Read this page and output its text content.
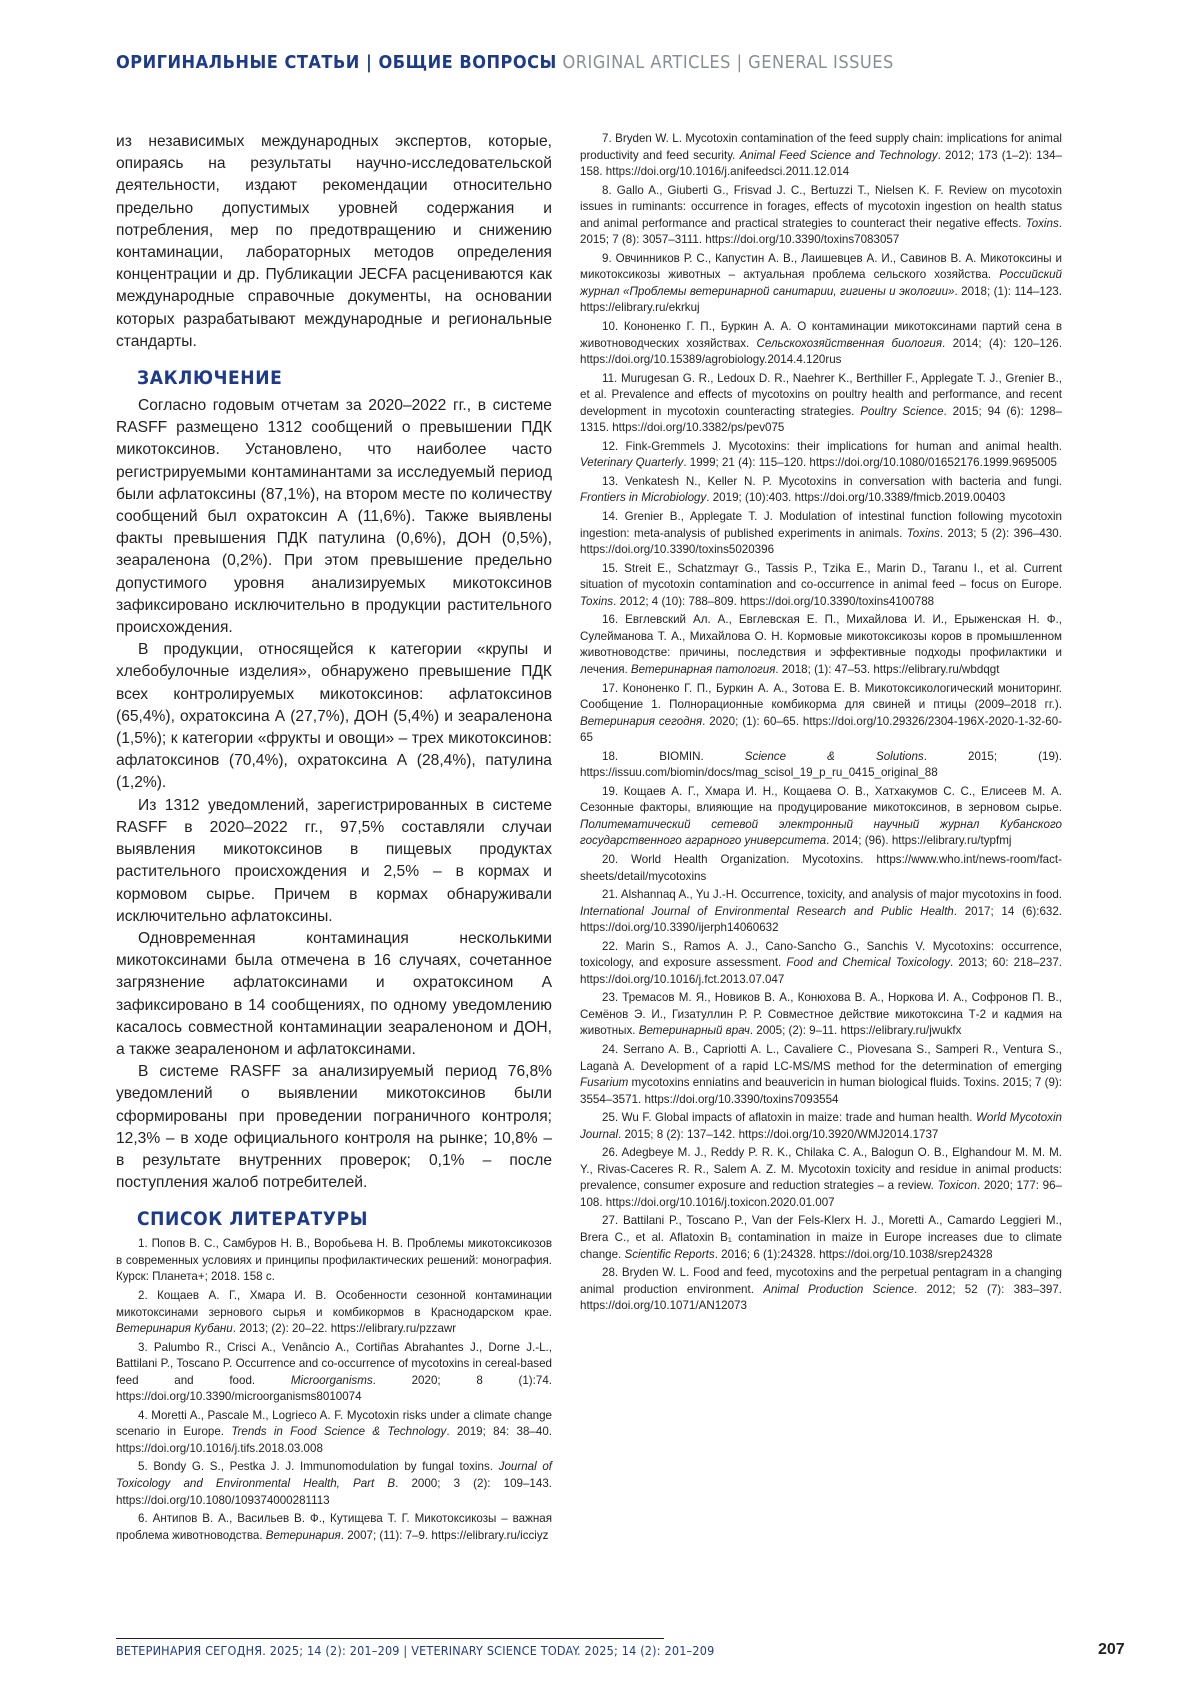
ОРИГИНАЛЬНЫЕ СТАТЬИ | ОБЩИЕ ВОПРОСЫ ORIGINAL ARTICLES | GENERAL ISSUES

из независимых международных экспертов, которые, опираясь на результаты научно-исследовательской деятельности, издают рекомендации относительно предельно допустимых уровней содержания и потребления, мер по предотвращению и снижению контаминации, лабораторных методов определения концентрации и др. Публикации JECFA расцениваются как международные справочные документы, на основании которых разрабатывают международные и региональные стандарты.

ЗАКЛЮЧЕНИЕ

Согласно годовым отчетам за 2020–2022 гг., в системе RASFF размещено 1312 сообщений о превышении ПДК микотоксинов. Установлено, что наиболее часто регистрируемыми контаминантами за исследуемый период были афлатоксины (87,1%), на втором месте по количеству сообщений был охратоксин А (11,6%). Также выявлены факты превышения ПДК патулина (0,6%), ДОН (0,5%), зеараленона (0,2%). При этом превышение предельно допустимого уровня анализируемых микотоксинов зафиксировано исключительно в продукции растительного происхождения.

В продукции, относящейся к категории «крупы и хлебобулочные изделия», обнаружено превышение ПДК всех контролируемых микотоксинов: афлатоксинов (65,4%), охратоксина А (27,7%), ДОН (5,4%) и зеараленона (1,5%); к категории «фрукты и овощи» – трех микотоксинов: афлатоксинов (70,4%), охратоксина А (28,4%), патулина (1,2%).

Из 1312 уведомлений, зарегистрированных в системе RASFF в 2020–2022 гг., 97,5% составляли случаи выявления микотоксинов в пищевых продуктах растительного происхождения и 2,5% – в кормах и кормовом сырье. Причем в кормах обнаруживали исключительно афлатоксины.

Одновременная контаминация несколькими микотоксинами была отмечена в 16 случаях, сочетанное загрязнение афлатоксинами и охратоксином А зафиксировано в 14 сообщениях, по одному уведомлению касалось совместной контаминации зеараленоном и ДОН, а также зеараленоном и афлатоксинами.

В системе RASFF за анализируемый период 76,8% уведомлений о выявлении микотоксинов были сформированы при проведении пограничного контроля; 12,3% – в ходе официального контроля на рынке; 10,8% – в результате внутренних проверок; 0,1% – после поступления жалоб потребителей.

СПИСОК ЛИТЕРАТУРЫ

1. Попов В. С., Самбуров Н. В., Воробьева Н. В. Проблемы микотоксикозов в современных условиях и принципы профилактических решений: монография. Курск: Планета+; 2018. 158 с.

2. Кощаев А. Г., Хмара И. В. Особенности сезонной контаминации микотоксинами зернового сырья и комбикормов в Краснодарском крае. Ветеринария Кубани. 2013; (2): 20–22. https://elibrary.ru/pzzawr

3. Palumbo R., Crisci A., Venâncio A., Cortiñas Abrahantes J., Dorne J.-L., Battilani P., Toscano P. Occurrence and co-occurrence of mycotoxins in cereal-based feed and food. Microorganisms. 2020; 8 (1):74. https://doi.org/10.3390/microorganisms8010074

4. Moretti A., Pascale M., Logrieco A. F. Mycotoxin risks under a climate change scenario in Europe. Trends in Food Science & Technology. 2019; 84: 38–40. https://doi.org/10.1016/j.tifs.2018.03.008

5. Bondy G. S., Pestka J. J. Immunomodulation by fungal toxins. Journal of Toxicology and Environmental Health, Part B. 2000; 3 (2): 109–143. https://doi.org/10.1080/109374000281113

6. Антипов В. А., Васильев В. Ф., Кутищева Т. Г. Микотоксикозы – важная проблема животноводства. Ветеринария. 2007; (11): 7–9. https://elibrary.ru/icciyz

7. Bryden W. L. Mycotoxin contamination of the feed supply chain: implications for animal productivity and feed security. Animal Feed Science and Technology. 2012; 173 (1–2): 134–158. https://doi.org/10.1016/j.anifeedsci.2011.12.014

8. Gallo A., Giuberti G., Frisvad J. C., Bertuzzi T., Nielsen K. F. Review on mycotoxin issues in ruminants: occurrence in forages, effects of mycotoxin ingestion on health status and animal performance and practical strategies to counteract their negative effects. Toxins. 2015; 7 (8): 3057–3111. https://doi.org/10.3390/toxins7083057

9. Овчинников Р. С., Капустин А. В., Лаишевцев А. И., Савинов В. А. Микотоксины и микотоксикозы животных – актуальная проблема сельского хозяйства. Российский журнал «Проблемы ветеринарной санитарии, гигиены и экологии». 2018; (1): 114–123. https://elibrary.ru/ekrkuj

10. Кононенко Г. П., Буркин А. А. О контаминации микотоксинами партий сена в животноводческих хозяйствах. Сельскохозяйственная биология. 2014; (4): 120–126. https://doi.org/10.15389/agrobiology.2014.4.120rus

11. Murugesan G. R., Ledoux D. R., Naehrer K., Berthiller F., Applegate T. J., Grenier B., et al. Prevalence and effects of mycotoxins on poultry health and performance, and recent development in mycotoxin counteracting strategies. Poultry Science. 2015; 94 (6): 1298–1315. https://doi.org/10.3382/ps/pev075

12. Fink-Gremmels J. Mycotoxins: their implications for human and animal health. Veterinary Quarterly. 1999; 21 (4): 115–120. https://doi.org/10.1080/01652176.1999.9695005

13. Venkatesh N., Keller N. P. Mycotoxins in conversation with bacteria and fungi. Frontiers in Microbiology. 2019; (10):403. https://doi.org/10.3389/fmicb.2019.00403

14. Grenier B., Applegate T. J. Modulation of intestinal function following mycotoxin ingestion: meta-analysis of published experiments in animals. Toxins. 2013; 5 (2): 396–430. https://doi.org/10.3390/toxins5020396

15. Streit E., Schatzmayr G., Tassis P., Tzika E., Marin D., Taranu I., et al. Current situation of mycotoxin contamination and co-occurrence in animal feed – focus on Europe. Toxins. 2012; 4 (10): 788–809. https://doi.org/10.3390/toxins4100788

16. Евглевский Ал. А., Евглевская Е. П., Михайлова И. И., Ерыженская Н. Ф., Сулейманова Т. А., Михайлова О. Н. Кормовые микотоксикозы коров в промышленном животноводстве: причины, последствия и эффективные подходы профилактики и лечения. Ветеринарная патология. 2018; (1): 47–53. https://elibrary.ru/wbdqgt

17. Кононенко Г. П., Буркин А. А., Зотова Е. В. Микотоксикологический мониторинг. Сообщение 1. Полнорационные комбикорма для свиней и птицы (2009–2018 гг.). Ветеринария сегодня. 2020; (1): 60–65. https://doi.org/10.29326/2304-196X-2020-1-32-60-65

18. BIOMIN. Science & Solutions. 2015; (19). https://issuu.com/biomin/docs/mag_scisol_19_p_ru_0415_original_88

19. Кощаев А. Г., Хмара И. Н., Кощаева О. В., Хатхакумов С. С., Елисеев М. А. Сезонные факторы, влияющие на продуцирование микотоксинов, в зерновом сырье. Политематический сетевой электронный научный журнал Кубанского государственного аграрного университета. 2014; (96). https://elibrary.ru/typfmj

20. World Health Organization. Mycotoxins. https://www.who.int/news-room/fact-sheets/detail/mycotoxins

21. Alshannaq A., Yu J.-H. Occurrence, toxicity, and analysis of major mycotoxins in food. International Journal of Environmental Research and Public Health. 2017; 14 (6):632. https://doi.org/10.3390/ijerph14060632

22. Marin S., Ramos A. J., Cano-Sancho G., Sanchis V. Mycotoxins: occurrence, toxicology, and exposure assessment. Food and Chemical Toxicology. 2013; 60: 218–237. https://doi.org/10.1016/j.fct.2013.07.047

23. Тремасов М. Я., Новиков В. А., Конюхова В. А., Норкова И. А., Софронов П. В., Семёнов Э. И., Гизатуллин Р. Р. Совместное действие микотоксина Т-2 и кадмия на животных. Ветеринарный врач. 2005; (2): 9–11. https://elibrary.ru/jwukfx

24. Serrano A. B., Capriotti A. L., Cavaliere C., Piovesana S., Samperi R., Ventura S., Laganà A. Development of a rapid LC-MS/MS method for the determination of emerging Fusarium mycotoxins enniatins and beauvericin in human biological fluids. Toxins. 2015; 7 (9): 3554–3571. https://doi.org/10.3390/toxins7093554

25. Wu F. Global impacts of aflatoxin in maize: trade and human health. World Mycotoxin Journal. 2015; 8 (2): 137–142. https://doi.org/10.3920/WMJ2014.1737

26. Adegbeye M. J., Reddy P. R. K., Chilaka C. A., Balogun O. B., Elghandour M. M. M. Y., Rivas-Caceres R. R., Salem A. Z. M. Mycotoxin toxicity and residue in animal products: prevalence, consumer exposure and reduction strategies – a review. Toxicon. 2020; 177: 96–108. https://doi.org/10.1016/j.toxicon.2020.01.007

27. Battilani P., Toscano P., Van der Fels-Klerx H. J., Moretti A., Camardo Leggieri M., Brera C., et al. Aflatoxin B₁ contamination in maize in Europe increases due to climate change. Scientific Reports. 2016; 6 (1):24328. https://doi.org/10.1038/srep24328

28. Bryden W. L. Food and feed, mycotoxins and the perpetual pentagram in a changing animal production environment. Animal Production Science. 2012; 52 (7): 383–397. https://doi.org/10.1071/AN12073

ВЕТЕРИНАРИЯ СЕГОДНЯ. 2025; 14 (2): 201–209 | VETERINARY SCIENCE TODAY. 2025; 14 (2): 201–209	207
